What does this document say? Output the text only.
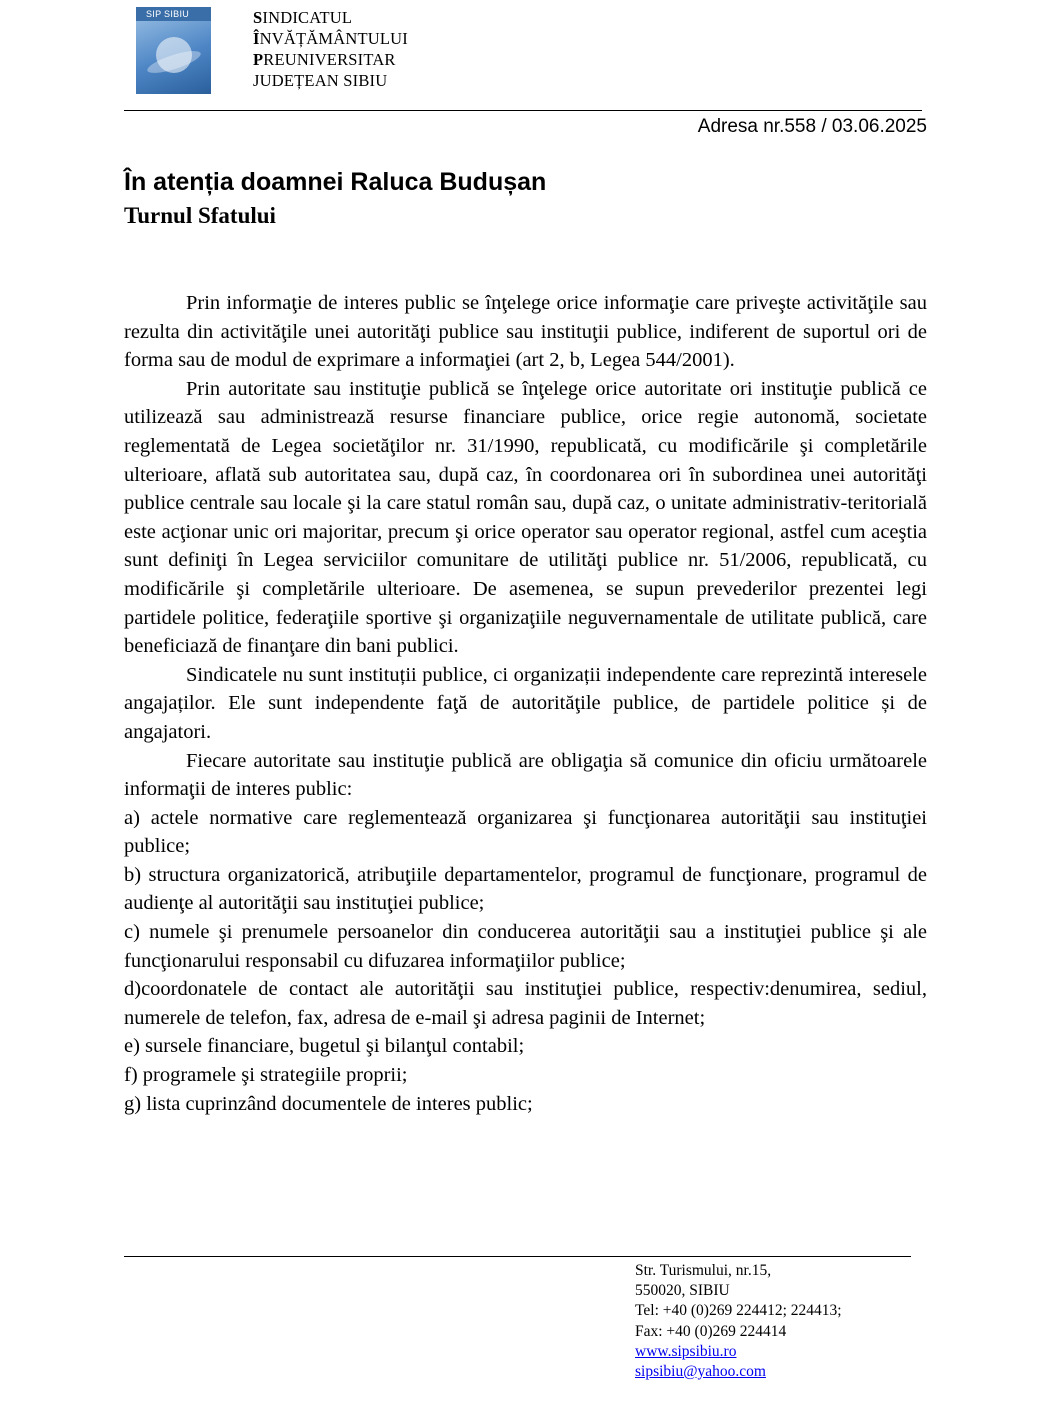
SIP SIBIU	SINDICATUL
ÎNVĂȚĂMÂNTULUI
PREUNIVERSITAR
JUDEȚEAN SIBIU
Adresa nr.558 / 03.06.2025
În atenția doamnei Raluca Budușan
Turnul Sfatului

Prin informaţie de interes public se înţelege orice informaţie care priveşte activităţile sau rezulta din activităţile unei autorităţi publice sau instituţii publice, indiferent de suportul ori de forma sau de modul de exprimare a informaţiei (art 2, b, Legea 544/2001).

Prin autoritate sau instituţie publică se înţelege orice autoritate ori instituţie publică ce utilizează sau administrează resurse financiare publice, orice regie autonomă, societate reglementată de Legea societăţilor nr. 31/1990, republicată, cu modificările şi completările ulterioare, aflată sub autoritatea sau, după caz, în coordonarea ori în subordinea unei autorităţi publice centrale sau locale şi la care statul român sau, după caz, o unitate administrativ-teritorială este acţionar unic ori majoritar, precum şi orice operator sau operator regional, astfel cum aceştia sunt definiţi în Legea serviciilor comunitare de utilităţi publice nr. 51/2006, republicată, cu modificările şi completările ulterioare. De asemenea, se supun prevederilor prezentei legi partidele politice, federaţiile sportive şi organizaţiile neguvernamentale de utilitate publică, care beneficiază de finanţare din bani publici.

Sindicatele nu sunt instituții publice, ci organizații independente care reprezintă interesele angajaților. Ele sunt independente faţă de autorităţile publice, de partidele politice și de angajatori.

Fiecare autoritate sau instituţie publică are obligaţia să comunice din oficiu următoarele informaţii de interes public:

a) actele normative care reglementează organizarea şi funcţionarea autorităţii sau instituţiei publice;

b) structura organizatorică, atribuţiile departamentelor, programul de funcţionare, programul de audienţe al autorităţii sau instituţiei publice;

c) numele şi prenumele persoanelor din conducerea autorităţii sau a instituţiei publice şi ale funcţionarului responsabil cu difuzarea informaţiilor publice;

d)coordonatele de contact ale autorităţii sau instituţiei publice, respectiv:denumirea, sediul, numerele de telefon, fax, adresa de e-mail şi adresa paginii de Internet;

e) sursele financiare, bugetul şi bilanţul contabil;

f) programele şi strategiile proprii;

g) lista cuprinzând documentele de interes public;

Str. Turismului, nr.15,
550020, SIBIU
Tel: +40 (0)269 224412; 224413;
Fax: +40 (0)269 224414
www.sipsibiu.ro
sipsibiu@yahoo.com
